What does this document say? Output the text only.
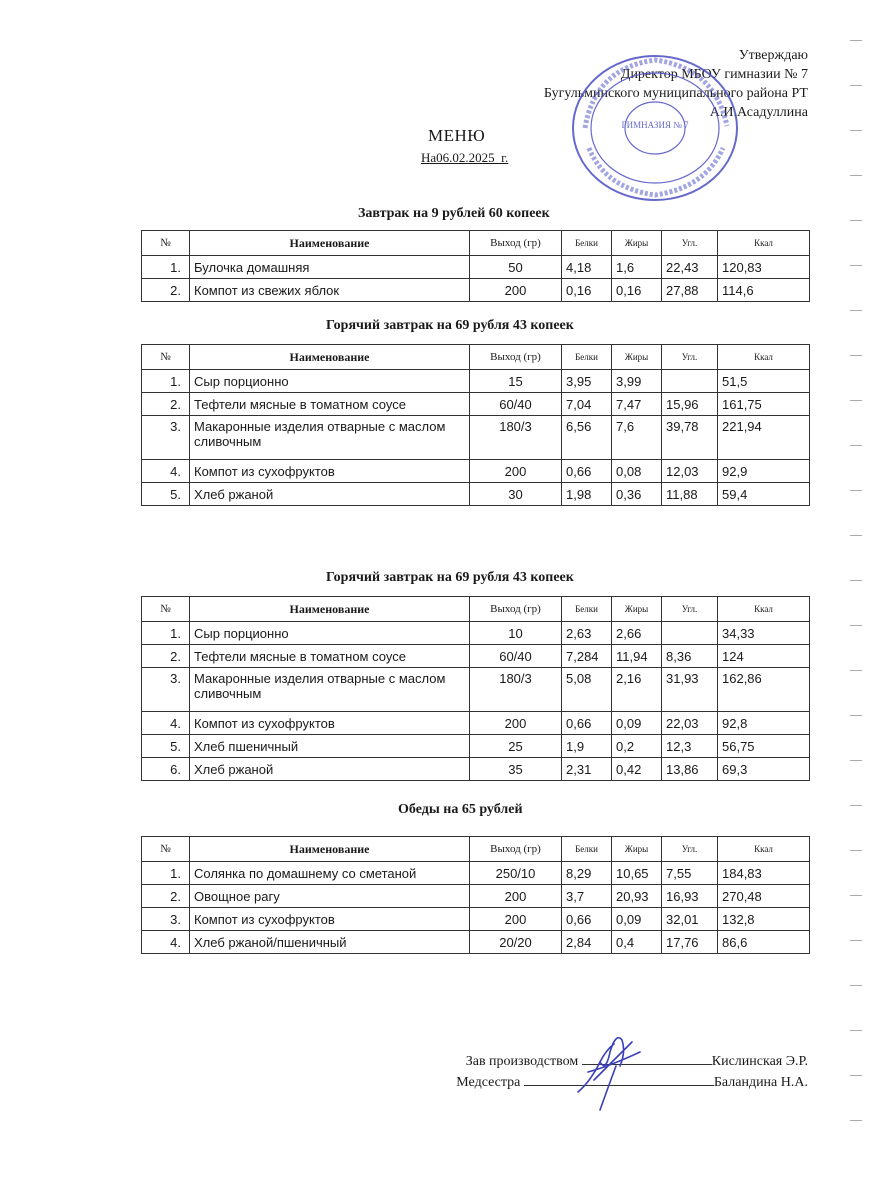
Утверждаю
Директор МБОУ гимназии № 7
Бугульминского муниципального района РТ
А.И.Асадуллина
ГИМНАЗИЯ № 7
МЕНЮ
На06.02.2025_г.
Завтрак на 9 рублей 60 копеек
№	Наименование	Выход (гр)	Белки	Жиры	Угл.	Ккал
1.	Булочка домашняя	50	4,18	1,6	22,43	120,83
2.	Компот из свежих яблок	200	0,16	0,16	27,88	114,6
Горячий завтрак на 69 рубля 43 копеек
№	Наименование	Выход (гр)	Белки	Жиры	Угл.	Ккал
1.	Сыр порционно	15	3,95	3,99		51,5
2.	Тефтели мясные в томатном соусе	60/40	7,04	7,47	15,96	161,75
3.	Макаронные изделия отварные с маслом сливочным	180/3	6,56	7,6	39,78	221,94
4.	Компот из сухофруктов	200	0,66	0,08	12,03	92,9
5.	Хлеб ржаной	30	1,98	0,36	11,88	59,4
Горячий завтрак на 69 рубля 43 копеек
№	Наименование	Выход (гр)	Белки	Жиры	Угл.	Ккал
1.	Сыр порционно	10	2,63	2,66		34,33
2.	Тефтели мясные в томатном соусе	60/40	7,284	11,94	8,36	124
3.	Макаронные изделия отварные с маслом сливочным	180/3	5,08	2,16	31,93	162,86
4.	Компот из сухофруктов	200	0,66	0,09	22,03	92,8
5.	Хлеб пшеничный	25	1,9	0,2	12,3	56,75
6.	Хлеб ржаной	35	2,31	0,42	13,86	69,3
Обеды на 65 рублей
№	Наименование	Выход (гр)	Белки	Жиры	Угл.	Ккал
1.	Солянка по домашнему со сметаной	250/10	8,29	10,65	7,55	184,83
2.	Овощное рагу	200	3,7	20,93	16,93	270,48
3.	Компот из сухофруктов	200	0,66	0,09	32,01	132,8
4.	Хлеб ржаной/пшеничный	20/20	2,84	0,4	17,76	86,6
Зав производством	Кислинская Э.Р.
Медсестра	Баландина Н.А.
